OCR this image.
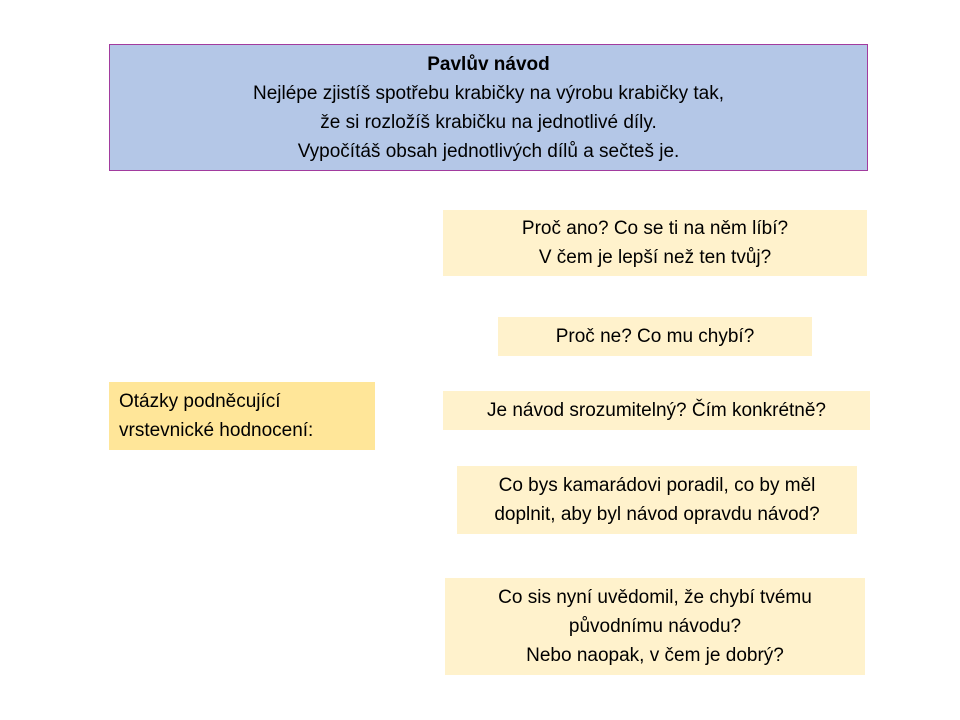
Pavlův návod
Nejlépe zjistíš spotřebu krabičky na výrobu krabičky tak,
že si rozložíš krabičku na jednotlivé díly.
Vypočítáš obsah jednotlivých dílů a sečteš je.
Otázky podněcující
vrstevnické hodnocení:
Proč ano? Co se ti na něm líbí?
V čem je lepší než ten tvůj?
Proč ne? Co mu chybí?
Je návod srozumitelný? Čím konkrétně?
Co bys kamarádovi poradil, co by měl
doplnit, aby byl návod opravdu návod?
Co sis nyní uvědomil, že chybí tvému
původnímu návodu?
Nebo naopak, v čem je dobrý?
